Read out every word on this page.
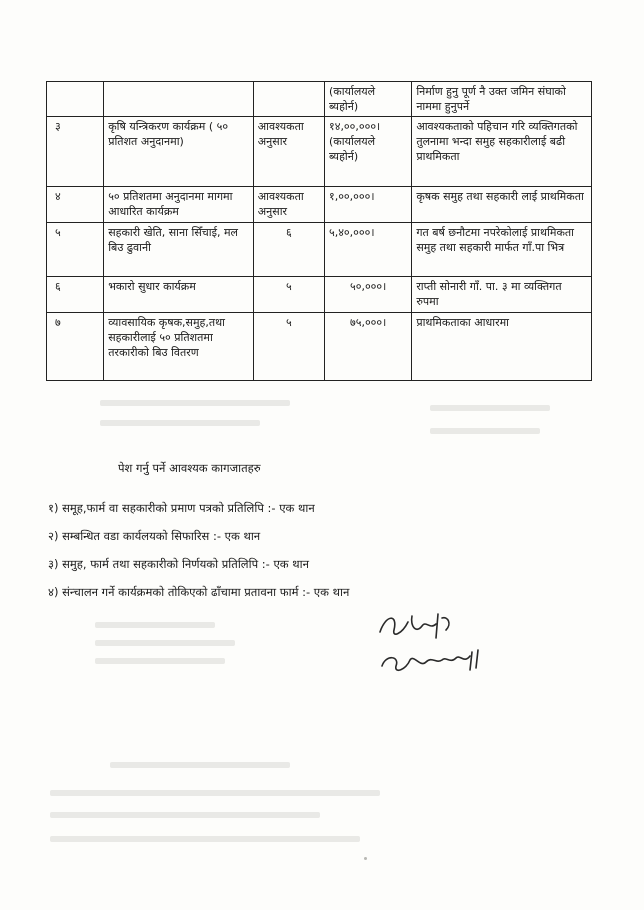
			(कार्यालयले ब्यहोर्न)	निर्माण हुनु पूर्ण नै उक्त जमिन संघाको नाममा हुनुपर्ने
३	कृषि यन्त्रिकरण कार्यक्रम ( ५० प्रतिशत अनुदानमा)	आवश्यकता अनुसार	१४,००,०००। (कार्यालयले ब्यहोर्न)	आवश्यकताको पहिचान गरि व्यक्तिगतको तुलनामा भन्दा समुह सहकारीलाई बढी प्राथमिकता
४	५० प्रतिशतमा अनुदानमा मागमा आधारित कार्यक्रम	आवश्यकता अनुसार	१,००,०००।	कृषक समुह तथा सहकारी लाई प्राथमिकता
५	सहकारी खेति, साना सिँचाई, मल बिउ ढुवानी	६	५,४०,०००।	गत बर्ष छनौटमा नपरेकोलाई प्राथमिकता समुह तथा सहकारी मार्फत गाँ.पा भित्र
६	भकारो सुधार कार्यक्रम	५	५०,०००।	राप्ती सोनारी गाँ. पा. ३ मा व्यक्तिगत रुपमा
७	व्यावसायिक कृषक,समुह,तथा सहकारीलाई ५० प्रतिशतमा तरकारीको बिउ वितरण	५	७५,०००।	प्राथमिकताका आधारमा
पेश गर्नु पर्ने आवश्यक कागजातहरु
१) समूह,फार्म वा सहकारीको प्रमाण पत्रको प्रतिलिपि :- एक थान
२) सम्बन्धित वडा कार्यलयको सिफारिस :- एक थान
३) समुह, फार्म तथा सहकारीको निर्णयको प्रतिलिपि :- एक थान
४) संन्चालन गर्ने कार्यक्रमको तोकिएको ढाँचामा प्रतावना फार्म :- एक थान
